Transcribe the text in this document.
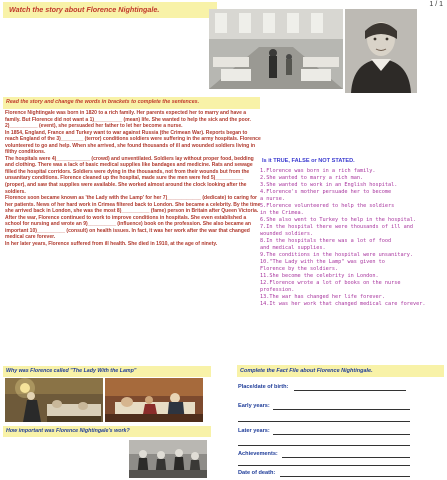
1 / 1
Watch the story about Florence Nightingale.
Read the story and change the words in brackets to complete the sentences.

Florence Nightingale was born in 1820 to a rich family. Her parents expected her to marry and have a family. But Florence did not want a 1)__________ (mean) life. She wanted to help the sick and the poor. 2)__________ (event), she persuaded her father to let her become a nurse.

In 1854, England, France and Turkey want to war against Russia (the Crimean War). Reports began to reach England of the 3)________ (terror) conditions soldiers were suffering in the army hospitals. Florence volunteered to go and help. When she arrived, she found thousands of ill and wounded soldiers living in filthy conditions.

The hospitals were 4)____________ (crowd) and unventilated. Soldiers lay without proper food, bedding and clothing. There was a lack of basic medical supplies like bandages and medicine. Rats and sewage filled the hospital corridors. Soldiers were dying in the thousands, not from their wounds but from the unsanitary conditions. Florence cleaned up the hospital, made sure the men were fed 5)__________ (proper), and saw that supplies were available. She worked almost around the clock looking after the soldiers.

Florence soon became known as 'the Lady with the Lamp' for her 7)____________ (dedicate) to caring for her patients. News of her hard work in Crimea filtered back to London. She became a celebrity. By the time she arrived back in London, she was the most 8)__________ (fame) person in Britain after Queen Victoria.

After the war, Florence continued to work to improve conditions in hospitals. She even established a school for nursing and wrote an 9)__________ (influence) book on the profession. She also became an important 10)__________ (consult) on health issues. In fact, it was her work after the war that changed medical care forever.

In her later years, Florence suffered from ill health. She died in 1910, at the age of ninety.

Why was Florence called "The Lady With the Lamp"
How important was Florence Nightingale's work?
Is it TRUE, FALSE or NOT STATED.
1.Florence was born in a rich family.
2.She wanted to marry a rich man.
3.She wanted to work in an English hospital.
4.Florence's mother persuade her to become
a nurse.
5.Florence volunteered to help the soldiers
in the Crimea.
6.She also went to Turkey to help in the hospital.
7.In the hospital there were thousands of ill and
wounded soldiers.
8.In the hospitals there was a lot of food
and medical supplies.
9.The conditions in the hospital were unsanitary.
10."The Lady with the Lamp" was given to
Florence by the soldiers.
11.She become the celebrity in London.
12.Florence wrote a lot of books on the nurse
profession.
13.The war has changed her life forever.
14.It was her work that changed medical care forever.
Complete the Fact File about Florence Nightingale.
Place/date of birth:
Early years:
Later years:
Achievements:
Date of death:
